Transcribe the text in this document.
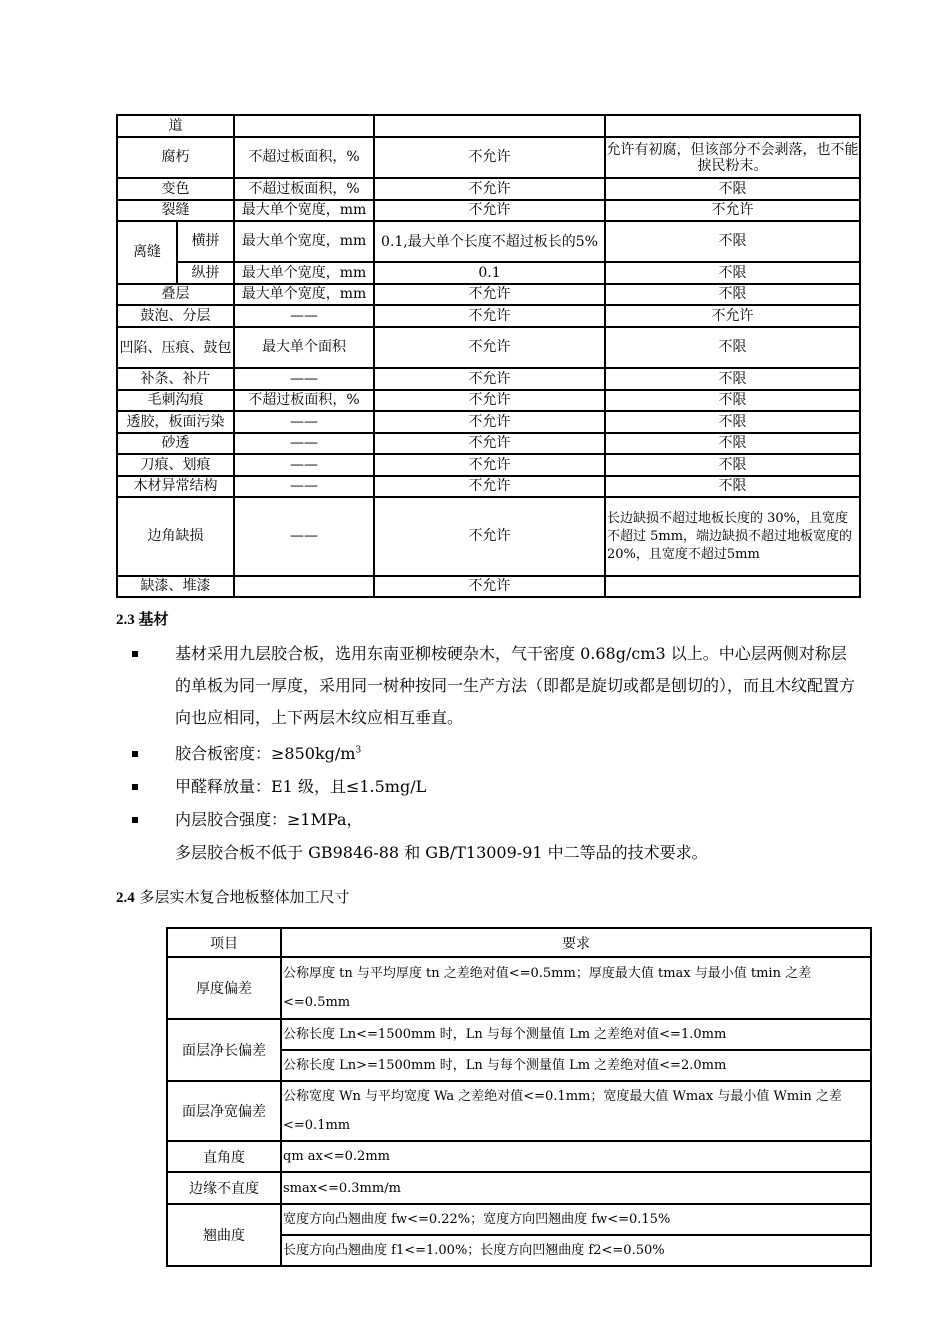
道				
腐朽		不超过板面积，%	不允许	允许有初腐，但该部分不会剥落，也不能捩民粉末。
变色		不超过板面积，%	不允许	不限
裂缝		最大单个宽度，mm	不允许	不允许
离缝	横拼	最大单个宽度，mm	0.1,最大单个长度不超过板长的5%	不限
	纵拼	最大单个宽度，mm	0.1	不限
叠层		最大单个宽度，mm	不允许	不限
鼓泡、分层		——	不允许	不允许
凹陷、压痕、鼓包		最大单个面积	不允许	不限
补条、补片		——	不允许	不限
毛刺沟痕		不超过板面积，%	不允许	不限
透胶，板面污染		——	不允许	不限
砂透		——	不允许	不限
刀痕、划痕		——	不允许	不限
木材异常结构		——	不允许	不限
边角缺损		——	不允许	长边缺损不超过地板长度的 30%，且宽度不超过 5mm，端边缺损不超过地板宽度的 20%，且宽度不超过5mm
缺漆、堆漆			不允许	
2.3 基材
基材采用九层胶合板，选用东南亚柳桉硬杂木，气干密度 0.68g/cm3 以上。中心层两侧对称层的单板为同一厚度，采用同一树种按同一生产方法（即都是旋切或都是刨切的），而且木纹配置方向也应相同，上下两层木纹应相互垂直。
胶合板密度：$\ge 850kg/m^3$
甲醛释放量：E1 级，且≤1.5mg/L
内层胶合强度：≥1MPa，
多层胶合板不低于 GB9846-88 和 GB/T13009-91 中二等品的技术要求。
2.4 多层实木复合地板整体加工尺寸
项目	要求
厚度偏差	公称厚度 tn 与平均厚度 tn 之差绝对值<=0.5mm；厚度最大值 tmax 与最小值 tmin 之差<=0.5mm
面层净长偏差	公称长度 Ln<=1500mm 时，Ln 与每个测量值 Lm 之差绝对值<=1.0mm
	公称长度 Ln>=1500mm 时，Ln 与每个测量值 Lm 之差绝对值<=2.0mm
面层净宽偏差	公称宽度 Wn 与平均宽度 Wa 之差绝对值<=0.1mm；宽度最大值 Wmax 与最小值 Wmin 之差<=0.1mm
直角度	qm ax<=0.2mm
边缘不直度	smax<=0.3mm/m
翘曲度	宽度方向凸翘曲度 fw<=0.22%；宽度方向凹翘曲度 fw<=0.15%
	长度方向凸翘曲度 f1<=1.00%；长度方向凹翘曲度 f2<=0.50%
